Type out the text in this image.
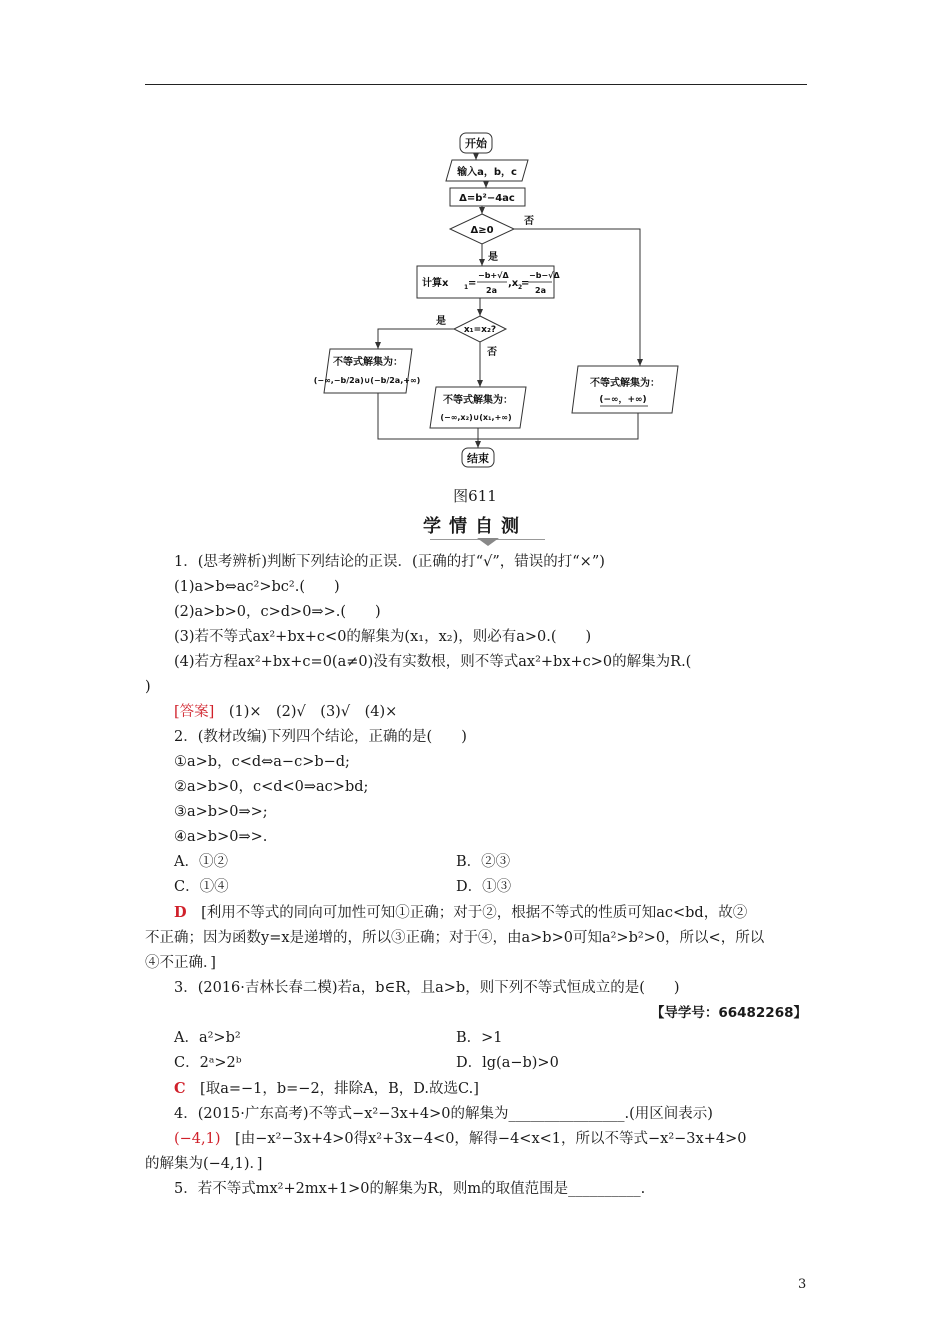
开始
输入a，b，c
Δ=b²−4ac
Δ≥0
否
是
计算x	1 =
−b+√Δ
2a
,x 2
=
−b−√Δ
2a
x₁=x₂?
是
否
不等式解集为：
(−∞,−b/2a)∪(−b/2a,+∞)
不等式解集为：
(−∞,x₂)∪(x₁,+∞)
不等式解集为：
(−∞，+∞)
结束
图611
学情自测
1．(思考辨析)判断下列结论的正误．(正确的打“√”，错误的打“×”)
(1)a>b⇔ac²>bc².(　　)
(2)a>b>0，c>d>0⇒>.(　　)
(3)若不等式ax²+bx+c<0的解集为(x₁，x₂)，则必有a>0.(　　)
(4)若方程ax²+bx+c=0(a≠0)没有实数根，则不等式ax²+bx+c>0的解集为R.(
)
[答案]　 (1)×　(2)√　(3)√　(4)×
2．(教材改编)下列四个结论，正确的是(　　)
①a>b，c<d⇔a−c>b−d;
②a>b>0，c<d<0⇒ac>bd;
③a>b>0⇒>;
④a>b>0⇒>.
A．①②	B．②③
C．①④	D．①③
D　 [利用不等式的同向可加性可知①正确；对于②，根据不等式的性质可知ac<bd，故②
不正确；因为函数y=x是递增的，所以③正确；对于④，由a>b>0可知a²>b²>0，所以<，所以
④不正确．]
3．(2016·吉林长春二模)若a，b∈R，且a>b，则下列不等式恒成立的是(　　)
【导学号：66482268】
A．a²>b²	B．>1
C．2ᵃ>2ᵇ	D．lg(a−b)>0
C　 [取a=−1，b=−2，排除A，B，D.故选C.]
4．(2015·广东高考)不等式−x²−3x+4>0的解集为________________.(用区间表示)
(−4,1)　 [由−x²−3x+4>0得x²+3x−4<0，解得−4<x<1，所以不等式−x²−3x+4>0
的解集为(−4,1)．]
5．若不等式mx²+2mx+1>0的解集为R，则m的取值范围是__________.
3
